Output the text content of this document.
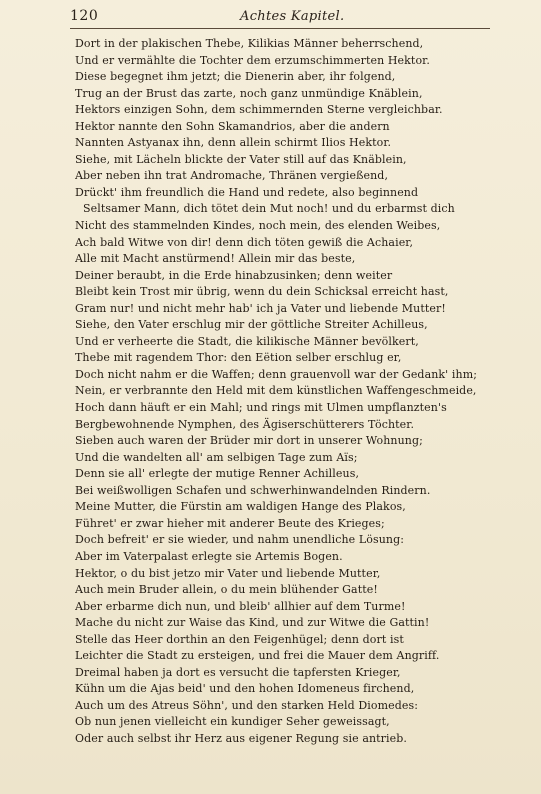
120	Achtes Kapitel.
Dort in der plakischen Thebe, Kilikias Männer beherrschend,
Und er vermählte die Tochter dem erzumschimmerten Hektor.
Diese begegnet ihm jetzt; die Dienerin aber, ihr folgend,
Trug an der Brust das zarte, noch ganz unmündige Knäblein,
Hektors einzigen Sohn, dem schimmernden Sterne vergleichbar.
Hektor nannte den Sohn Skamandrios, aber die andern
Nannten Astyanax ihn, denn allein schirmt Ilios Hektor.
Siehe, mit Lächeln blickte der Vater still auf das Knäblein,
Aber neben ihn trat Andromache, Thränen vergießend,
Drückt' ihm freundlich die Hand und redete, also beginnend
Seltsamer Mann, dich tötet dein Mut noch! und du erbarmst dich
Nicht des stammelnden Kindes, noch mein, des elenden Weibes,
Ach bald Witwe von dir! denn dich töten gewiß die Achaier,
Alle mit Macht anstürmend! Allein mir das beste,
Deiner beraubt, in die Erde hinabzusinken; denn weiter
Bleibt kein Trost mir übrig, wenn du dein Schicksal erreicht hast,
Gram nur! und nicht mehr hab' ich ja Vater und liebende Mutter!
Siehe, den Vater erschlug mir der göttliche Streiter Achilleus,
Und er verheerte die Stadt, die kilikische Männer bevölkert,
Thebe mit ragendem Thor: den Eëtion selber erschlug er,
Doch nicht nahm er die Waffen; denn grauenvoll war der Gedank' ihm;
Nein, er verbrannte den Held mit dem künstlichen Waffengeschmeide,
Hoch dann häuft er ein Mahl; und rings mit Ulmen umpflanzten's
Bergbewohnende Nymphen, des Ägiserschütterers Töchter.
Sieben auch waren der Brüder mir dort in unserer Wohnung;
Und die wandelten all' am selbigen Tage zum Aïs;
Denn sie all' erlegte der mutige Renner Achilleus,
Bei weißwolligen Schafen und schwerhinwandelnden Rindern.
Meine Mutter, die Fürstin am waldigen Hange des Plakos,
Führet' er zwar hieher mit anderer Beute des Krieges;
Doch befreit' er sie wieder, und nahm unendliche Lösung:
Aber im Vaterpalast erlegte sie Artemis Bogen.
Hektor, o du bist jetzo mir Vater und liebende Mutter,
Auch mein Bruder allein, o du mein blühender Gatte!
Aber erbarme dich nun, und bleib' allhier auf dem Turme!
Mache du nicht zur Waise das Kind, und zur Witwe die Gattin!
Stelle das Heer dorthin an den Feigenhügel; denn dort ist
Leichter die Stadt zu ersteigen, und frei die Mauer dem Angriff.
Dreimal haben ja dort es versucht die tapfersten Krieger,
Kühn um die Ajas beid' und den hohen Idomeneus firchend,
Auch um des Atreus Söhn', und den starken Held Diomedes:
Ob nun jenen vielleicht ein kundiger Seher geweissagt,
Oder auch selbst ihr Herz aus eigener Regung sie antrieb.
